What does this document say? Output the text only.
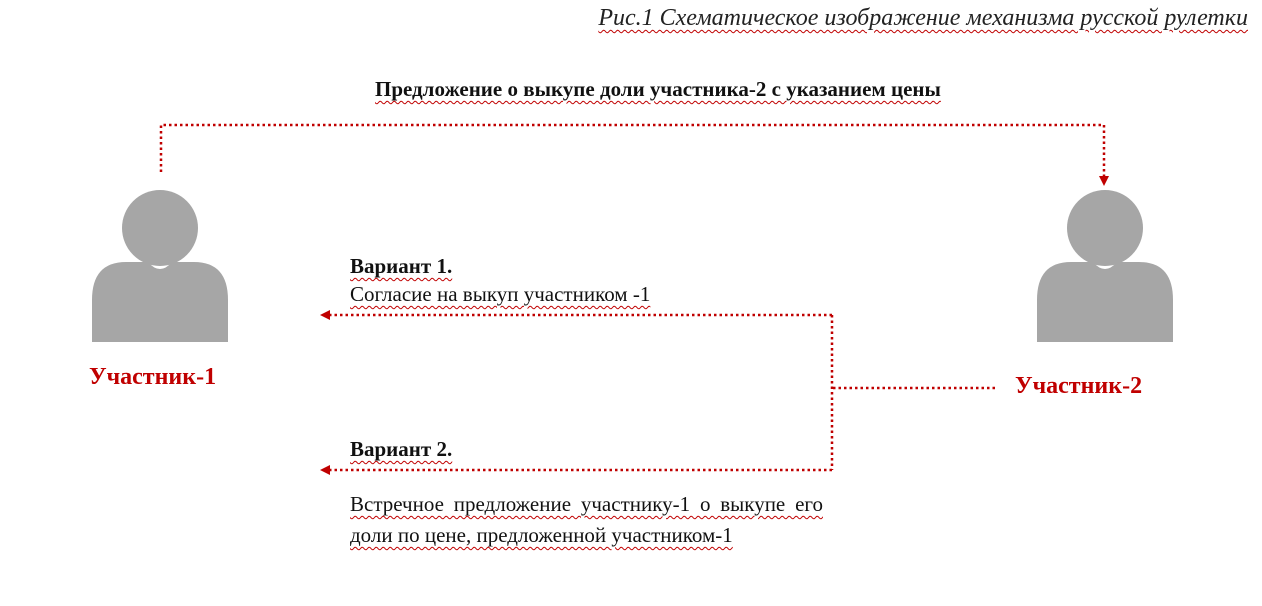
Рис.1 Схематическое изображение механизма русской рулетки
Предложение о выкупе доли участника-2 с указанием цены
Участник-1	Участник-2
Вариант 1.
Согласие на выкуп участником -1
Вариант 2.
Встречное предложение участнику-1 о выкупе его доли по цене, предложенной участником-1
